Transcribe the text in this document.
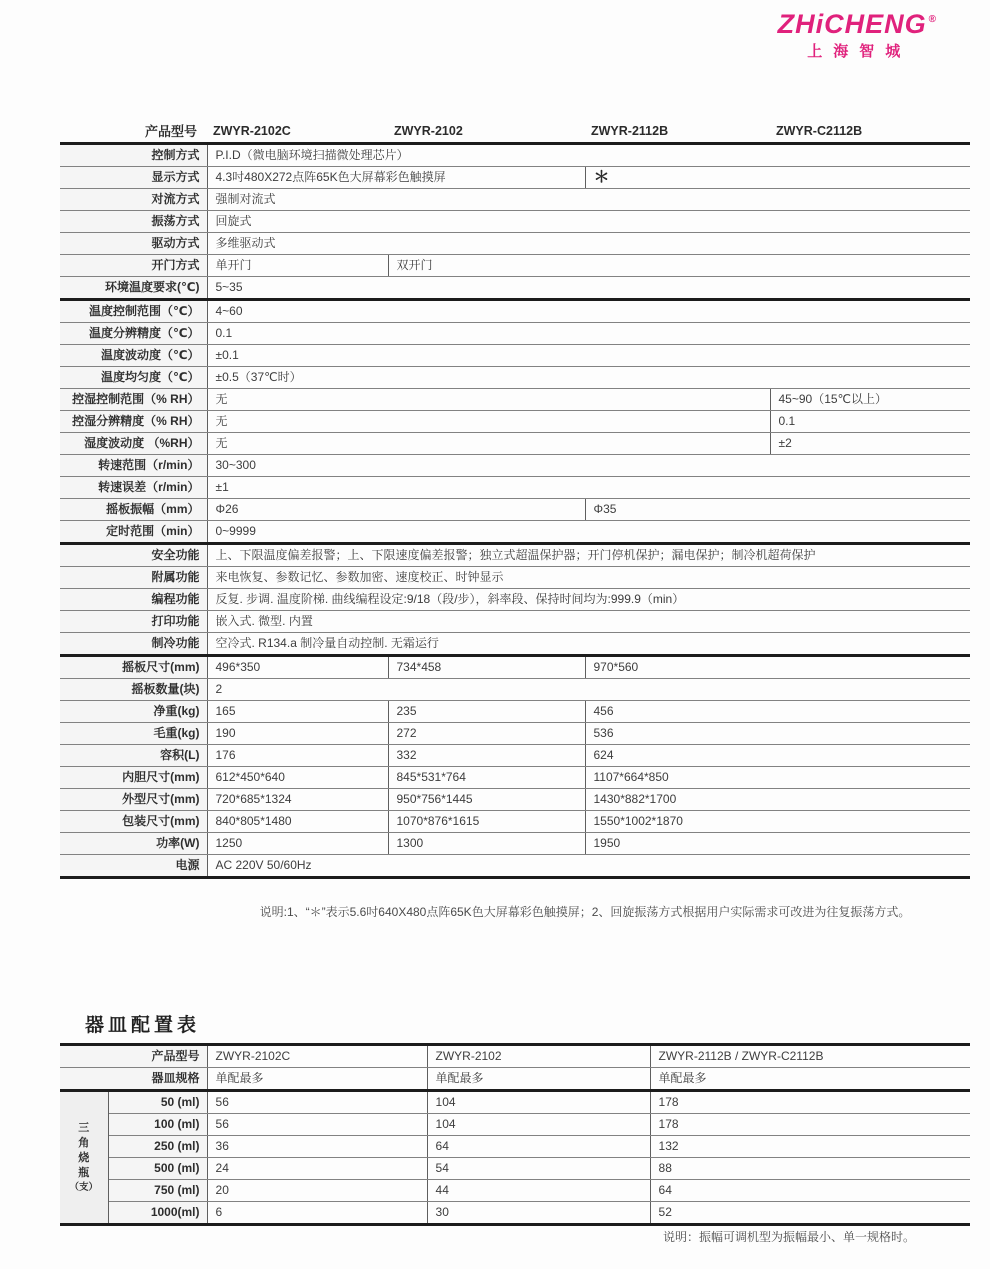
ZHiCHENG ®
上海智城
产品型号	ZWYR-2102C	ZWYR-2102	ZWYR-2112B	ZWYR-C2112B
控制方式	P.I.D（微电脑环境扫描微处理芯片）			
显示方式	4.3吋480X272点阵65K色大屏幕彩色触摸屏		＊	
对流方式	强制对流式			
振荡方式	回旋式			
驱动方式	多维驱动式			
开门方式	单开门	双开门		
环境温度要求(℃)	5~35			
温度控制范围（℃）	4~60			
温度分辨精度（℃）	0.1			
温度波动度（℃）	±0.1			
温度均匀度（℃）	±0.5（37℃时）			
控湿控制范围（% RH）	无			45~90（15℃以上）
控湿分辨精度（% RH）	无			0.1
湿度波动度 （%RH）	无			±2
转速范围（r/min）	30~300			
转速误差（r/min）	±1			
摇板振幅（mm）	Φ26		Φ35	
定时范围（min）	0~9999			
安全功能	上、下限温度偏差报警；上、下限速度偏差报警；独立式超温保护器；开门停机保护；漏电保护；制冷机超荷保护			
附属功能	来电恢复、参数记忆、参数加密、速度校正、时钟显示			
编程功能	反复. 步调. 温度阶梯. 曲线编程设定:9/18（段/步），斜率段、保持时间均为:999.9（min）			
打印功能	嵌入式. 微型. 内置			
制冷功能	空冷式. R134.a 制冷量自动控制. 无霜运行			
摇板尺寸(mm)	496*350	734*458	970*560	
摇板数量(块)	2			
净重(kg)	165	235	456	
毛重(kg)	190	272	536	
容积(L)	176	332	624	
内胆尺寸(mm)	612*450*640	845*531*764	1107*664*850	
外型尺寸(mm)	720*685*1324	950*756*1445	1430*882*1700	
包装尺寸(mm)	840*805*1480	1070*876*1615	1550*1002*1870	
功率(W)	1250	1300	1950	
电源	AC 220V 50/60Hz			
说明:1、“＊”表示5.6吋640X480点阵65K色大屏幕彩色触摸屏；2、回旋振荡方式根据用户实际需求可改进为往复振荡方式。
器皿配置表
产品型号		ZWYR-2102C	ZWYR-2102	ZWYR-2112B / ZWYR-C2112B
器皿规格		单配最多	单配最多	单配最多

三
角
烧
瓶
（支）	50 (ml)	56	104	178
	100 (ml)	56	104	178
	250 (ml)	36	64	132
	500 (ml)	24	54	88
	750 (ml)	20	44	64
	1000(ml)	6	30	52
说明：振幅可调机型为振幅最小、单一规格时。
